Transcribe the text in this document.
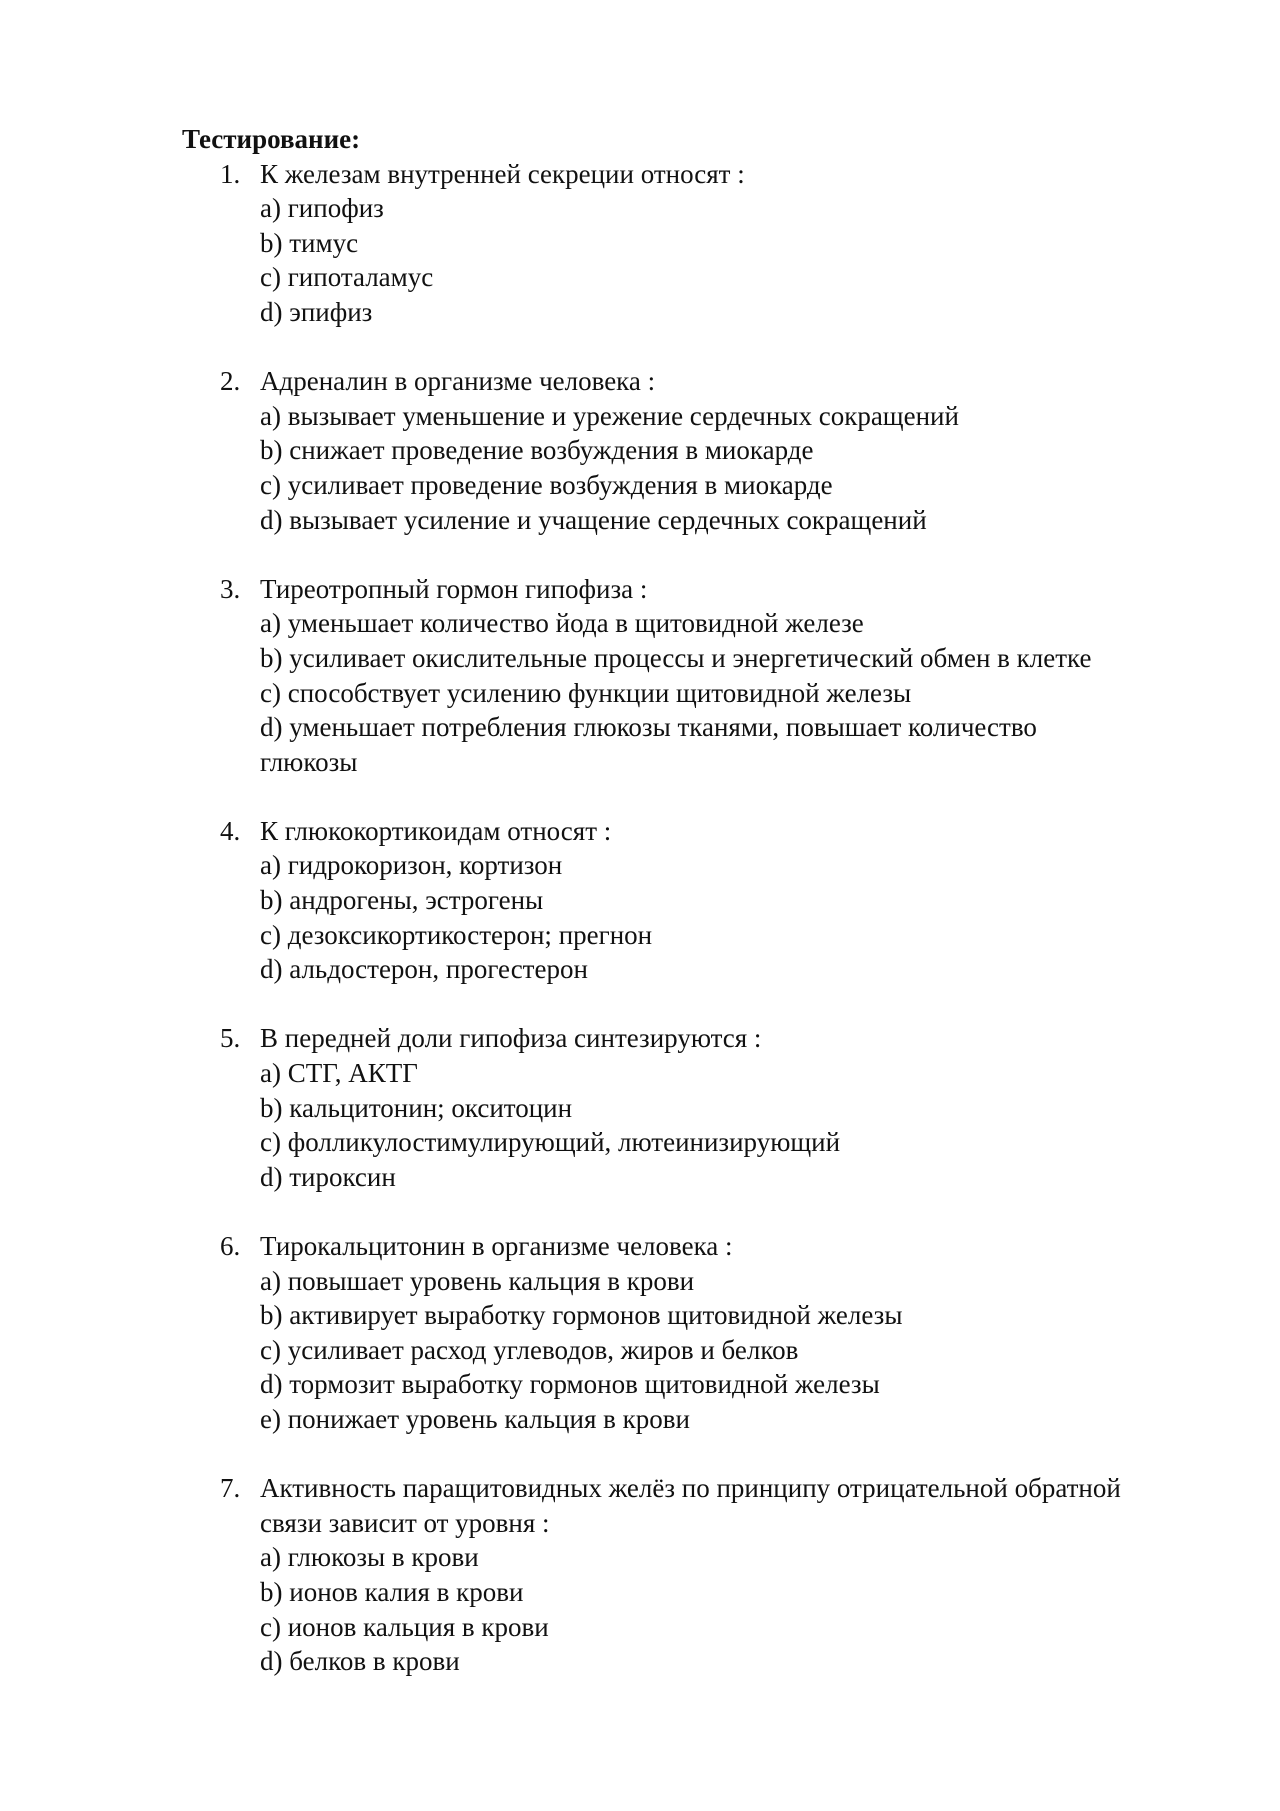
Тестирование:

1. К железам внутренней секреции относят :
a) гипофиз
b) тимус
c) гипоталамус
d) эпифиз
2. Адреналин в организме человека :
a) вызывает уменьшение и урежение сердечных сокращений
b) снижает проведение возбуждения в миокарде
c) усиливает проведение возбуждения в миокарде
d) вызывает усиление и учащение сердечных сокращений
3. Тиреотропный гормон гипофиза :
a) уменьшает количество йода в щитовидной железе
b) усиливает окислительные процессы и энергетический обмен в клетке
c) способствует усилению функции щитовидной железы
d) уменьшает потребления глюкозы тканями, повышает количество глюкозы
4. К глюкокортикоидам относят :
a) гидрокоризон, кортизон
b) андрогены, эстрогены
c) дезоксикортикостерон; прегнон
d) альдостерон, прогестерон
5. В передней доли гипофиза синтезируются :
a) СТГ, АКТГ
b) кальцитонин; окситоцин
c) фолликулостимулирующий, лютеинизирующий
d) тироксин
6. Тирокальцитонин в организме человека :
a) повышает уровень кальция в крови
b) активирует выработку гормонов щитовидной железы
c) усиливает расход углеводов, жиров и белков
d) тормозит выработку гормонов щитовидной железы
e) понижает уровень кальция в крови
7. Активность паращитовидных желёз по принципу отрицательной обратной связи зависит от уровня :
a) глюкозы в крови
b) ионов калия в крови
c) ионов кальция в крови
d) белков в крови
